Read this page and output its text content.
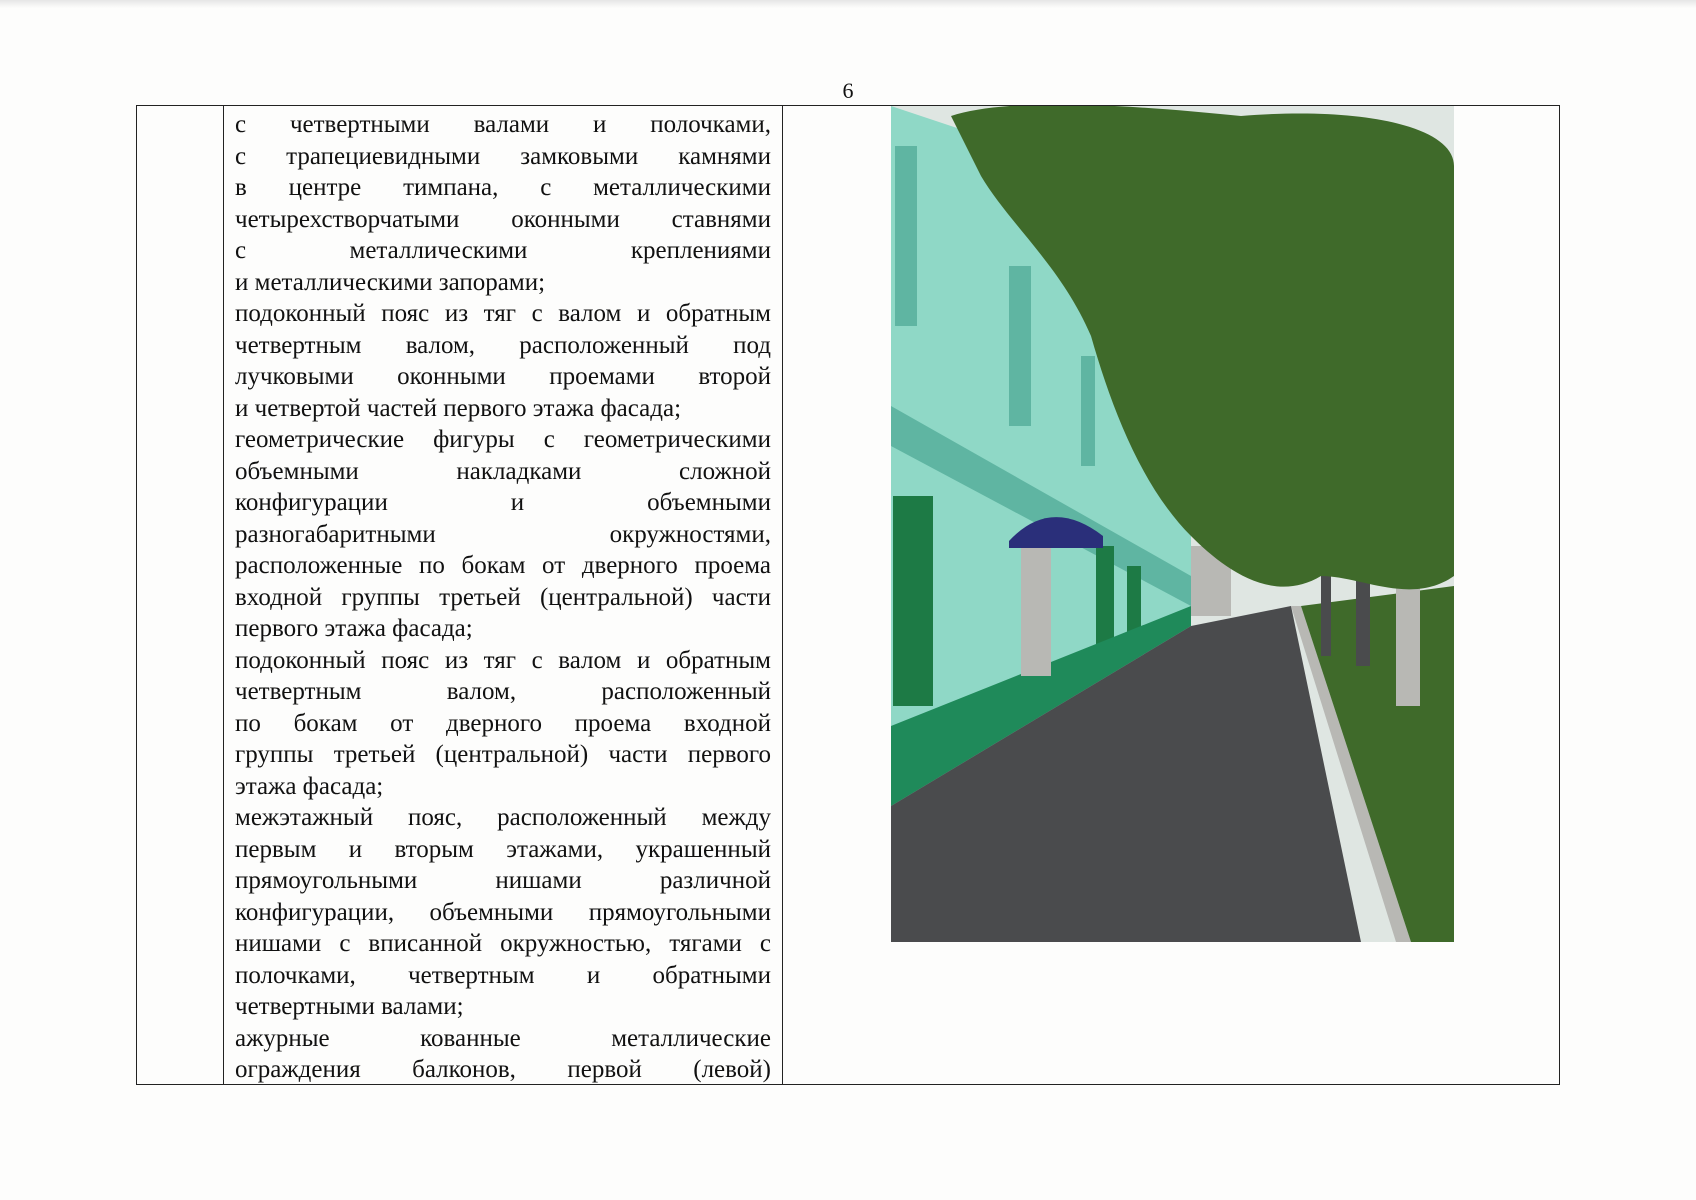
6
с четвертными валами и полочками,
с трапециевидными замковыми камнями
в центре тимпана, с металлическими
четырехстворчатыми оконными ставнями
с металлическими креплениями
и металлическими запорами;
подоконный пояс из тяг с валом и обратным
четвертным валом, расположенный под
лучковыми оконными проемами второй
и четвертой частей первого этажа фасада;
геометрические фигуры с геометрическими
объемными накладками сложной
конфигурации и объемными
разногабаритными окружностями,
расположенные по бокам от дверного проема
входной группы третьей (центральной) части
первого этажа фасада;
подоконный пояс из тяг с валом и обратным
четвертным валом, расположенный
по бокам от дверного проема входной
группы третьей (центральной) части первого
этажа фасада;
межэтажный пояс, расположенный между
первым и вторым этажами, украшенный
прямоугольными нишами различной
конфигурации, объемными прямоугольными
нишами с вписанной окружностью, тягами с
полочками, четвертным и обратными
четвертными валами;
ажурные кованные металлические
ограждения балконов, первой (левой)
